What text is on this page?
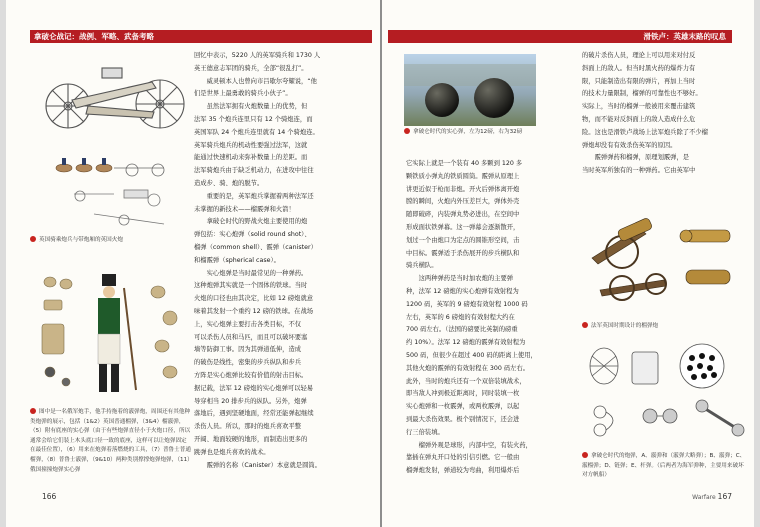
拿破仑战记：战例、军略、武备考略
英国骑乘炮兵与带炮厢的英国火炮
图中是一名俄军炮手，他手持拖着的霰弹炮，周围还有其他种类炮弹的展示，包括（1&2）英国普通榴弹，（3&4）榴霰弹，（5）附有底座的实心弹（由于有些炮弹直径小于火炮口径，所以通常会给它们装上木头底口径一致的底座，这样可以让炮弹固定在最佳位置），（6）用来在炮弹着落燃烧的工具，（7）普鲁士普通榴弹，（8）普鲁士霰弹，（9&10）两种类别撑撑炮弹炮弹，（11）俄国撞撞炮弹实心弹

回忆中表示，5220 人的英军骑兵和 1730 人

英王德意志军团的骑兵，全部“很乱打”。

威灵顿本人也曾向市吕歇尔夸耀说，“他

们是世界上最勇敢的骑兵小伙子”。

虽然法军拥有火炮数量上的优势，但

法军 35 个炮兵连里只有 12 个骑炮连，而

英国军队 24 个炮兵连里就有 14 个骑炮连。

英军骑兵炮兵的机动性要强过法军，这就

能通过快速机动来弥补数量上的差距。而

法军骑炮兵由于缺乏机动力，在进攻中往往

造成步、骑、炮的脱节。

重要的是，英军炮兵掌握着两种法军还

未掌握的新技术——榴霰弹和火箭！

拿破仑时代的野战火炮主要使用的炮

弹包括：实心炮弹（solid round shot）、

榴弹（common shell）、霰弹（canister）

和榴霰弹（spherical case）。

实心炮弹是当时最常见的一种弹药。

这种炮弹其实就是一个固体的铁球。当时

火炮的口径也由其决定，比如 12 磅炮就意

味着其发射一个重约 12 磅的铁球。在战场

上，实心炮弹主要打击各类目标，不仅

可以杀伤人员和马匹，而且可以破坏要塞

墙等防御工事。因为其弹道低伸，造成

的破伤是线性，密集的步兵纵队和步兵

方阵是实心炮弹比较有价值的射击目标。

据记载，法军 12 磅炮的实心炮弹可以轻易

导穿相当 20 排步兵的纵队。另外，炮弹

落地后，遇到坚硬地面，经常还能弹起继续

杀伤人员。所以，那时的炮兵喜欢平整

开阔、地面较硬的地形，而制造出更多的

跳弹也是炮兵喜欢的战术。

霰弹的名称（Canister）本意就是圆筒。

166
滑铁卢：英雄末路的叹息
拿破仑时代的实心弹，左为12磅，右为32磅

的破片杀伤人员，理论上可以用来对付反

斜面上的敌人。但当时黑火药的爆炸力有

限，只能制造出有限的弹片，再加上当时

的技术力量限制，榴弹的可靠性也不够好。

实际上，当时的榴弹一般被用来覆击建筑

物，而不能对反斜面上的敌人造成什么危

险。这也是滑铁卢战场上法军炮兵除了不少榴

弹炮却没有有效杀伤英军的原因。

霰弹弹药和榴弹，原理划霰弹，是

当时英军所独有的一种弹药。它由英军中

它实际上就是一个装有 40 多颗到 120 多

颗铁质小弹丸的铁质圆筒。霰弹从原理上

讲更近似于枪而非炮。开火后弹体离开炮

膛的瞬间，火炮内外压差巨大，弹体外壳

随即破碎，内装弹丸势必进出，在空间中

形成面状铁弹幕。这一弹幕会逐渐散开，

划过一个由炮口为定点的圆锥形空间，击

中目标。霰弹适于杀伤展开的步兵横队和

骑兵横队。

这两种弹药是当时加农炮的主要弹

种，法军 12 磅炮的实心炮弹有效射程为

1200 码，英军的 9 磅炮有效射程 1000 码

左右，英军的 6 磅炮的有效射程大约在

700 码左右。（法国的磅要比英制的磅重

约 10%）。法军 12 磅炮的霰弹有效射程为

500 码，但很少在超过 400 码的距离上使用，

其他火炮的霰弹的有效射程在 300 码左右。

此外，当时的炮兵还有一个双倍装填战术，

即当敌人冲到极近距离时，同时装填一枚

实心炮弹和一枚霰弹，或两枚霰弹，以起

到最大杀伤效果。极个别情况下，还会进

行三倍装填。

榴弹外观是球形，内部中空，有装火药，

靠插在弹丸开口处的引信引燃。它一般由

榴弹炮发射，弹道较为弯曲，利用爆炸后

法军英国时期设计的榴弹炮
拿破仑时代的炮弹，A、霰弹和（霰弹大略弹）；B、霰弹；C、霰榴弹；D、链弹；E、杆弹。（后两者为海军弹种，主要用来破坏对方帆船）
Warfare 167
